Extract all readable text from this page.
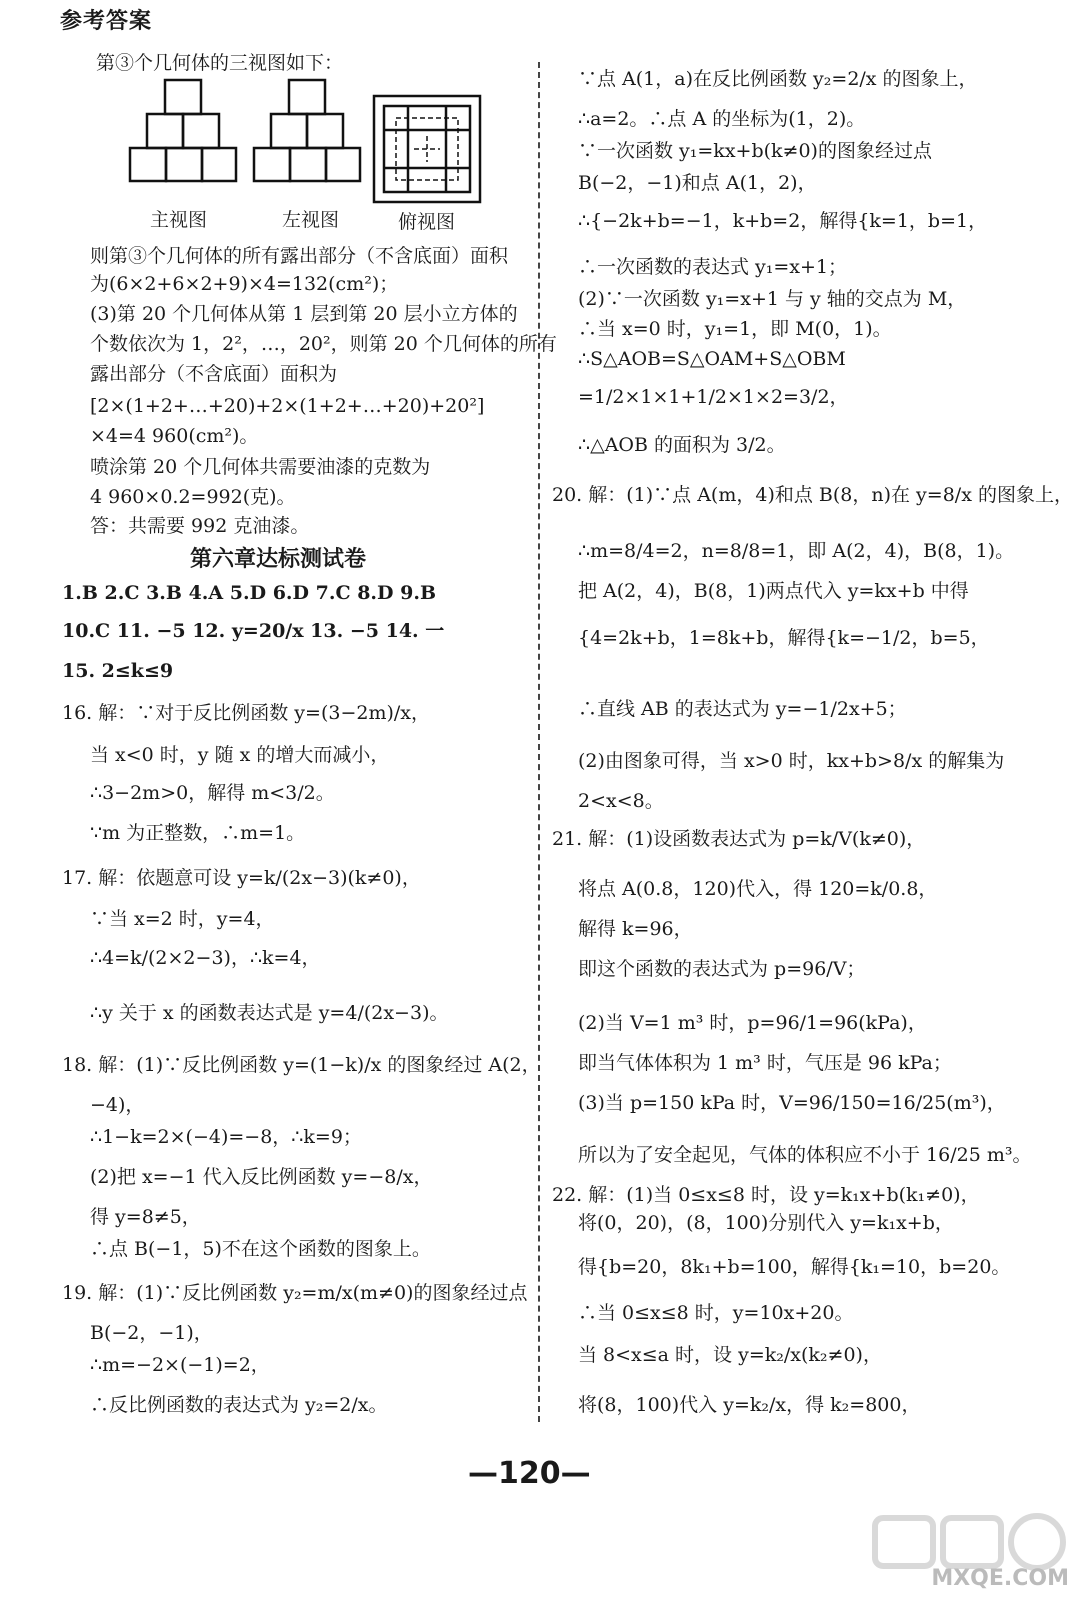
参考答案
第③个几何体的三视图如下：
主视图	左视图	俯视图
则第③个几何体的所有露出部分（不含底面）面积
为(6×2+6×2+9)×4=132(cm²)；
(3)第 20 个几何体从第 1 层到第 20 层小立方体的
个数依次为 1，2²，…，20²，则第 20 个几何体的所有
露出部分（不含底面）面积为
[2×(1+2+…+20)+2×(1+2+…+20)+20²]
×4=4 960(cm²)。
喷涂第 20 个几何体共需要油漆的克数为
4 960×0.2=992(克)。
答：共需要 992 克油漆。
第六章达标测试卷
1.B 2.C 3.B 4.A 5.D 6.D 7.C 8.D 9.B
10.C 11. −5 12. y=20/x 13. −5 14. 一
15. 2≤k≤9
16. 解：∵对于反比例函数 y=(3−2m)/x，
当 x<0 时，y 随 x 的增大而减小，
∴3−2m>0，解得 m<3/2。
∵m 为正整数，∴m=1。
17. 解：依题意可设 y=k/(2x−3)(k≠0)，
∵当 x=2 时，y=4，
∴4=k/(2×2−3)，∴k=4，
∴y 关于 x 的函数表达式是 y=4/(2x−3)。
18. 解：(1)∵反比例函数 y=(1−k)/x 的图象经过 A(2，
−4)，
∴1−k=2×(−4)=−8，∴k=9；
(2)把 x=−1 代入反比例函数 y=−8/x，
得 y=8≠5，
∴点 B(−1，5)不在这个函数的图象上。
19. 解：(1)∵反比例函数 y₂=m/x(m≠0)的图象经过点
B(−2，−1)，
∴m=−2×(−1)=2，
∴反比例函数的表达式为 y₂=2/x。
∵点 A(1，a)在反比例函数 y₂=2/x 的图象上，
∴a=2。∴点 A 的坐标为(1，2)。
∵一次函数 y₁=kx+b(k≠0)的图象经过点
B(−2，−1)和点 A(1，2)，
∴{−2k+b=−1，k+b=2，解得{k=1，b=1，
∴一次函数的表达式 y₁=x+1；
(2)∵一次函数 y₁=x+1 与 y 轴的交点为 M，
∴当 x=0 时，y₁=1，即 M(0，1)。
∴S△AOB=S△OAM+S△OBM
=1/2×1×1+1/2×1×2=3/2，
∴△AOB 的面积为 3/2。
20. 解：(1)∵点 A(m，4)和点 B(8，n)在 y=8/x 的图象上，
∴m=8/4=2，n=8/8=1，即 A(2，4)，B(8，1)。
把 A(2，4)，B(8，1)两点代入 y=kx+b 中得
{4=2k+b，1=8k+b，解得{k=−1/2，b=5，
∴直线 AB 的表达式为 y=−1/2x+5；
(2)由图象可得，当 x>0 时，kx+b>8/x 的解集为
2<x<8。
21. 解：(1)设函数表达式为 p=k/V(k≠0)，
将点 A(0.8，120)代入，得 120=k/0.8，
解得 k=96，
即这个函数的表达式为 p=96/V；
(2)当 V=1 m³ 时，p=96/1=96(kPa)，
即当气体体积为 1 m³ 时，气压是 96 kPa；
(3)当 p=150 kPa 时，V=96/150=16/25(m³)，
所以为了安全起见，气体的体积应不小于 16/25 m³。
22. 解：(1)当 0≤x≤8 时，设 y=k₁x+b(k₁≠0)，
将(0，20)，(8，100)分别代入 y=k₁x+b，
得{b=20，8k₁+b=100，解得{k₁=10，b=20。
∴当 0≤x≤8 时，y=10x+20。
当 8<x≤a 时，设 y=k₂/x(k₂≠0)，
将(8，100)代入 y=k₂/x，得 k₂=800，
—120—
MXQE.COM
